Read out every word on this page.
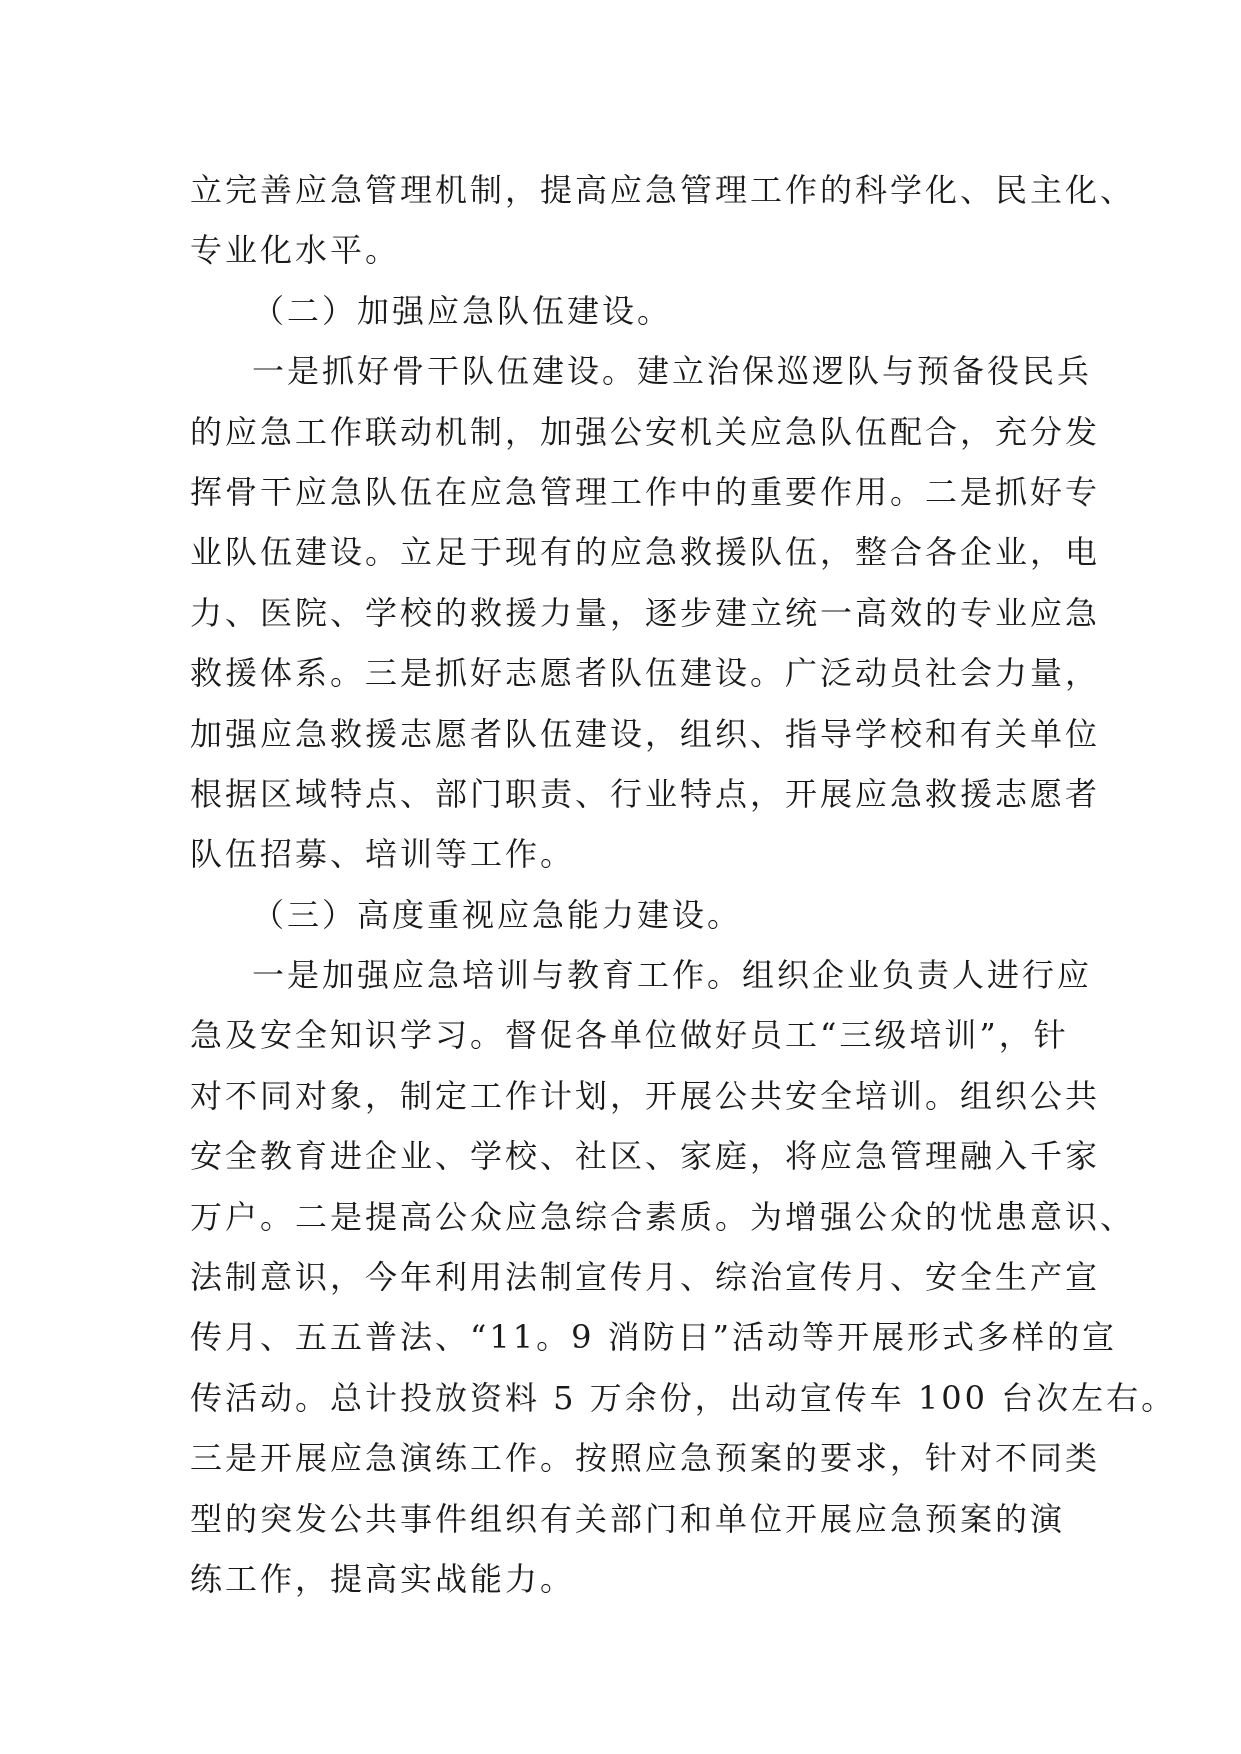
立完善应急管理机制，提高应急管理工作的科学化、民主化、
专业化水平。
（二）加强应急队伍建设。
一是抓好骨干队伍建设。建立治保巡逻队与预备役民兵
的应急工作联动机制，加强公安机关应急队伍配合，充分发
挥骨干应急队伍在应急管理工作中的重要作用。二是抓好专
业队伍建设。立足于现有的应急救援队伍，整合各企业，电
力、医院、学校的救援力量，逐步建立统一高效的专业应急
救援体系。三是抓好志愿者队伍建设。广泛动员社会力量，
加强应急救援志愿者队伍建设，组织、指导学校和有关单位
根据区域特点、部门职责、行业特点，开展应急救援志愿者
队伍招募、培训等工作。
（三）高度重视应急能力建设。
一是加强应急培训与教育工作。组织企业负责人进行应
急及安全知识学习。督促各单位做好员工“三级培训”，针
对不同对象，制定工作计划，开展公共安全培训。组织公共
安全教育进企业、学校、社区、家庭，将应急管理融入千家
万户。二是提高公众应急综合素质。为增强公众的忧患意识、
法制意识，今年利用法制宣传月、综治宣传月、安全生产宣
传月、五五普法、“11。9 消防日”活动等开展形式多样的宣
传活动。总计投放资料 5 万余份，出动宣传车 100 台次左右。
三是开展应急演练工作。按照应急预案的要求，针对不同类
型的突发公共事件组织有关部门和单位开展应急预案的演
练工作，提高实战能力。
